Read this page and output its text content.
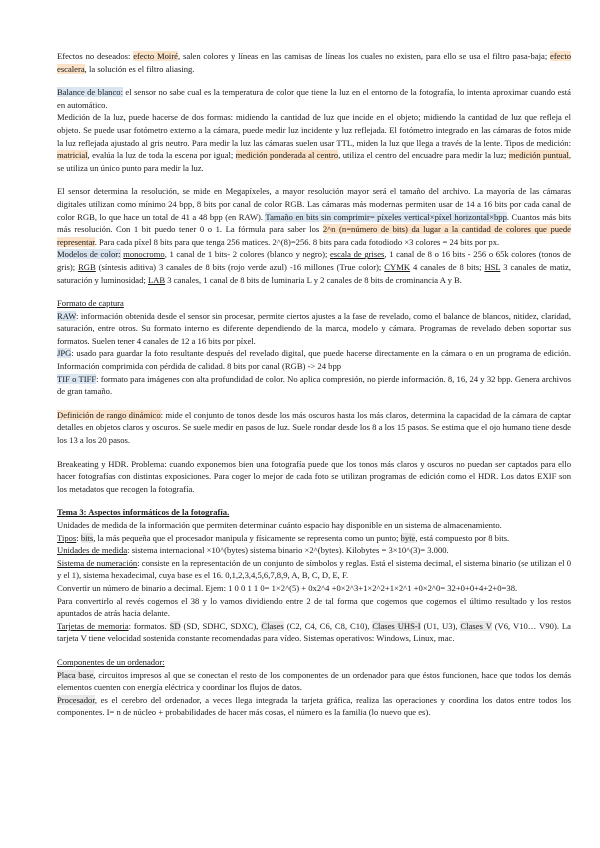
Efectos no deseados: efecto Moiré, salen colores y líneas en las camisas de líneas los cuales no existen, para ello se usa el filtro pasa-baja; efecto escalera, la solución es el filtro aliasing.

Balance de blanco: el sensor no sabe cual es la temperatura de color que tiene la luz en el entorno de la fotografía, lo intenta aproximar cuando está en automático.

Medición de la luz, puede hacerse de dos formas: midiendo la cantidad de luz que incide en el objeto; midiendo la cantidad de luz que refleja el objeto. Se puede usar fotómetro externo a la cámara, puede medir luz incidente y luz reflejada. El fotómetro integrado en las cámaras de fotos mide la luz reflejada ajustado al gris neutro. Para medir la luz las cámaras suelen usar TTL, miden la luz que llega a través de la lente. Tipos de medición: matricial, evalúa la luz de toda la escena por igual; medición ponderada al centro, utiliza el centro del encuadre para medir la luz; medición puntual, se utiliza un único punto para medir la luz.

El sensor determina la resolución, se mide en Megapíxeles, a mayor resolución mayor será el tamaño del archivo. La mayoría de las cámaras digitales utilizan como mínimo 24 bpp, 8 bits por canal de color RGB. Las cámaras más modernas permiten usar de 14 a 16 bits por cada canal de color RGB, lo que hace un total de 41 a 48 bpp (en RAW). Tamaño en bits sin comprimir= píxeles vertical×píxel horizontal×bpp. Cuantos más bits más resolución. Con 1 bit puedo tener 0 o 1. La fórmula para saber los 2^n (n=número de bits) da lugar a la cantidad de colores que puede representar. Para cada píxel 8 bits para que tenga 256 matices. 2^(8)=256. 8 bits para cada fotodiodo ×3 colores = 24 bits por px.

Modelos de color: monocromo, 1 canal de 1 bits- 2 colores (blanco y negro); escala de grises, 1 canal de 8 o 16 bits - 256 o 65k colores (tonos de gris); RGB (síntesis aditiva) 3 canales de 8 bits (rojo verde azul) -16 millones (True color); CYMK 4 canales de 8 bits; HSL 3 canales de matiz, saturación y luminosidad; LAB 3 canales, 1 canal de 8 bits de luminaria L y 2 canales de 8 bits de crominancia A y B.

Formato de captura

RAW: información obtenida desde el sensor sin procesar, permite ciertos ajustes a la fase de revelado, como el balance de blancos, nitidez, claridad, saturación, entre otros. Su formato interno es diferente dependiendo de la marca, modelo y cámara. Programas de revelado deben soportar sus formatos. Suelen tener 4 canales de 12 a 16 bits por píxel.

JPG: usado para guardar la foto resultante después del revelado digital, que puede hacerse directamente en la cámara o en un programa de edición. Información comprimida con pérdida de calidad. 8 bits por canal (RGB) -> 24 bpp

TIF o TIFF: formato para imágenes con alta profundidad de color. No aplica compresión, no pierde información. 8, 16, 24 y 32 bpp. Genera archivos de gran tamaño.

Definición de rango dinámico: mide el conjunto de tonos desde los más oscuros hasta los más claros, determina la capacidad de la cámara de captar detalles en objetos claros y oscuros. Se suele medir en pasos de luz. Suele rondar desde los 8 a los 15 pasos. Se estima que el ojo humano tiene desde los 13 a los 20 pasos.

Breakeating y HDR. Problema: cuando exponemos bien una fotografía puede que los tonos más claros y oscuros no puedan ser captados para ello hacer fotografías con distintas exposiciones. Para coger lo mejor de cada foto se utilizan programas de edición como el HDR. Los datos EXIF son los metadatos que recogen la fotografía.

Tema 3: Aspectos informáticos de la fotografía.

Unidades de medida de la información que permiten determinar cuánto espacio hay disponible en un sistema de almacenamiento.

Tipos: bits, la más pequeña que el procesador manipula y físicamente se representa como un punto; byte, está compuesto por 8 bits.

Unidades de medida: sistema internacional ×10^(bytes) sistema binario ×2^(bytes). Kilobytes = 3×10^(3)= 3.000.

Sistema de numeración: consiste en la representación de un conjunto de símbolos y reglas. Está el sistema decimal, el sistema binario (se utilizan el 0 y el 1), sistema hexadecimal, cuya base es el 16. 0,1,2,3,4,5,6,7,8,9, A, B, C, D, E, F.

Convertir un número de binario a decimal. Ejem: 1 0 0 1 1 0= 1×2^(5) + 0x2^4 +0×2^3+1×2^2+1×2^1 +0×2^0= 32+0+0+4+2+0=38.

Para convertirlo al revés cogemos el 38 y lo vamos dividiendo entre 2 de tal forma que cogemos que cogemos el último resultado y los restos apuntados de atrás hacia delante.

Tarjetas de memoria: formatos. SD (SD, SDHC, SDXC), Clases (C2, C4, C6, C8, C10), Clases UHS-I (U1, U3), Clases V (V6, V10… V90). La tarjeta V tiene velocidad sostenida constante recomendadas para vídeo. Sistemas operativos: Windows, Linux, mac.

Componentes de un ordenador:

Placa base, circuitos impresos al que se conectan el resto de los componentes de un ordenador para que éstos funcionen, hace que todos los demás elementos cuenten con energía eléctrica y coordinar los flujos de datos.

Procesador, es el cerebro del ordenador, a veces llega integrada la tarjeta gráfica, realiza las operaciones y coordina los datos entre todos los componentes. I= n de núcleo + probabilidades de hacer más cosas, el número es la familia (lo nuevo que es).
